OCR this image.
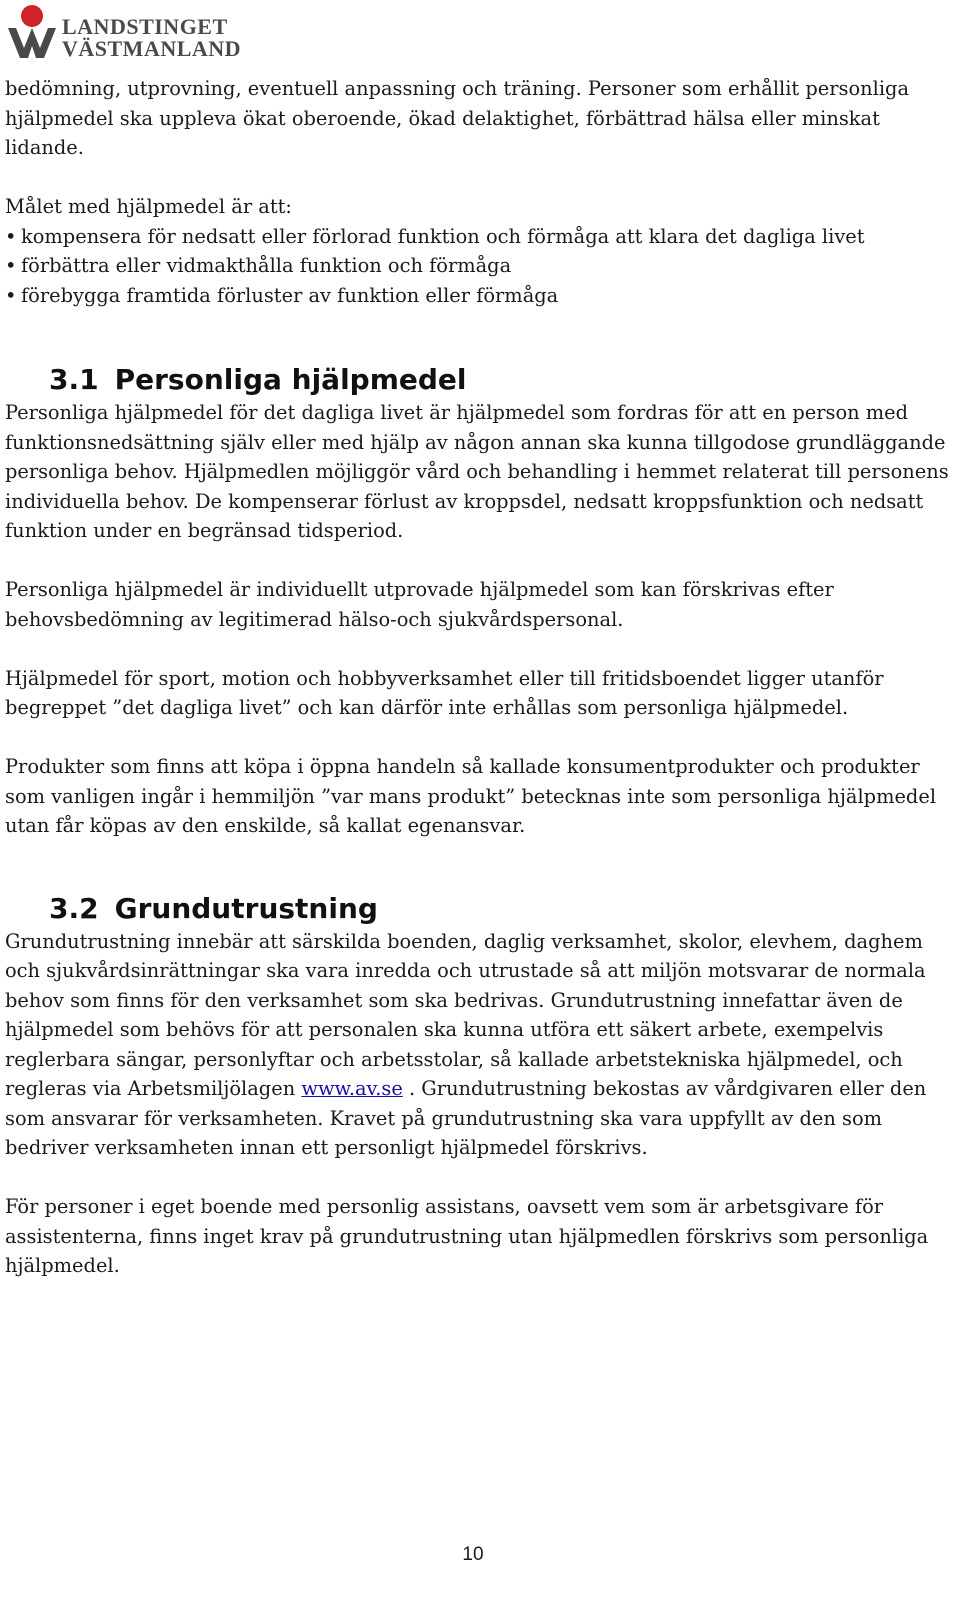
LANDSTINGET
VÄSTMANLAND

bedömning, utprovning, eventuell anpassning och träning. Personer som erhållit personliga hjälpmedel ska uppleva ökat oberoende, ökad delaktighet, förbättrad hälsa eller minskat lidande.

Målet med hjälpmedel är att:

• kompensera för nedsatt eller förlorad funktion och förmåga att klara det dagliga livet
• förbättra eller vidmakthålla funktion och förmåga
• förebygga framtida förluster av funktion eller förmåga
3.1 Personliga hjälpmedel

Personliga hjälpmedel för det dagliga livet är hjälpmedel som fordras för att en person med funktionsnedsättning själv eller med hjälp av någon annan ska kunna tillgodose grundläggande personliga behov. Hjälpmedlen möjliggör vård och behandling i hemmet relaterat till personens individuella behov. De kompenserar förlust av kroppsdel, nedsatt kroppsfunktion och nedsatt funktion under en begränsad tidsperiod.

Personliga hjälpmedel är individuellt utprovade hjälpmedel som kan förskrivas efter behovsbedömning av legitimerad hälso-och sjukvårdspersonal.

Hjälpmedel för sport, motion och hobbyverksamhet eller till fritidsboendet ligger utanför begreppet ”det dagliga livet” och kan därför inte erhållas som personliga hjälpmedel.

Produkter som finns att köpa i öppna handeln så kallade konsumentprodukter och produkter som vanligen ingår i hemmiljön ”var mans produkt” betecknas inte som personliga hjälpmedel utan får köpas av den enskilde, så kallat egenansvar.

3.2 Grundutrustning

Grundutrustning innebär att särskilda boenden, daglig verksamhet, skolor, elevhem, daghem och sjukvårdsinrättningar ska vara inredda och utrustade så att miljön motsvarar de normala behov som finns för den verksamhet som ska bedrivas. Grundutrustning innefattar även de hjälpmedel som behövs för att personalen ska kunna utföra ett säkert arbete, exempelvis reglerbara sängar, personlyftar och arbetsstolar, så kallade arbetstekniska hjälpmedel, och regleras via Arbetsmiljölagen www.av.se . Grundutrustning bekostas av vårdgivaren eller den som ansvarar för verksamheten. Kravet på grundutrustning ska vara uppfyllt av den som bedriver verksamheten innan ett personligt hjälpmedel förskrivs.

För personer i eget boende med personlig assistans, oavsett vem som är arbetsgivare för assistenterna, finns inget krav på grundutrustning utan hjälpmedlen förskrivs som personliga hjälpmedel.

10
